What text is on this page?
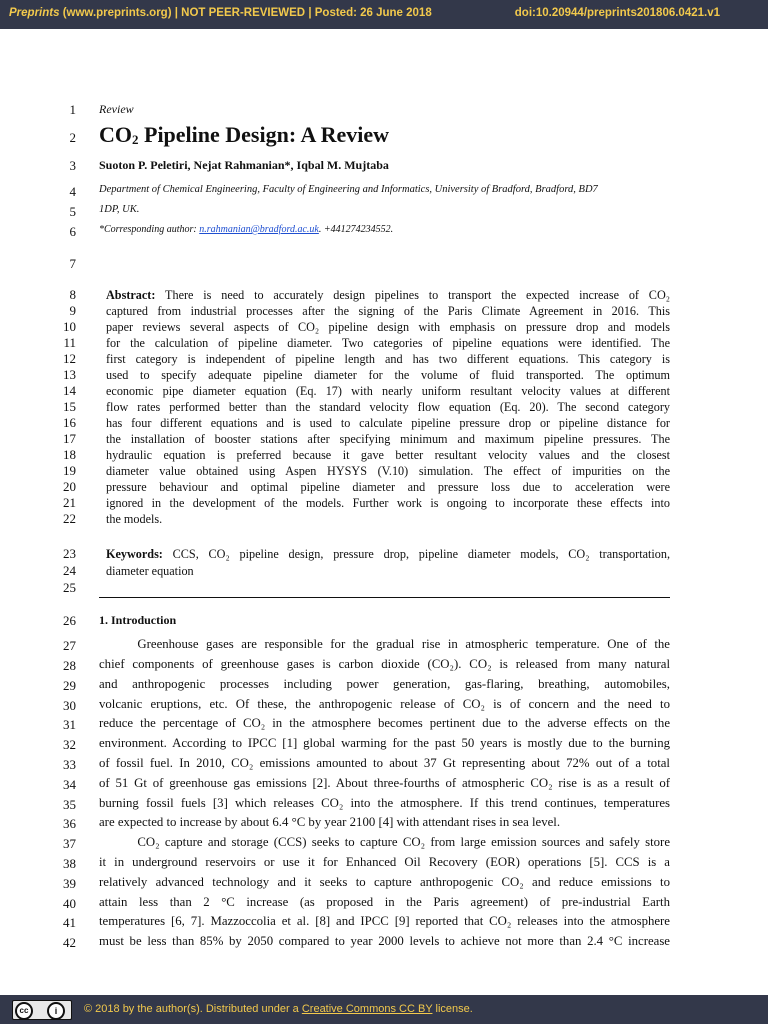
Preprints (www.preprints.org) | NOT PEER-REVIEWED | Posted: 26 June 2018	doi:10.20944/preprints201806.0421.v1
1
2
3
4
5
6
7
8
9
10
11
12
13
14
15
16
17
18
19
20
21
22
23
24
25
26
27
28
29
30
31
32
33
34
35
36
37
38
39
40
41
42
Review
CO2 Pipeline Design: A Review
Suoton P. Peletiri, Nejat Rahmanian*, Iqbal M. Mujtaba
Department of Chemical Engineering, Faculty of Engineering and Informatics, University of Bradford, Bradford, BD7
1DP, UK.
*Corresponding author: n.rahmanian@bradford.ac.uk. +441274234552.
Abstract: There is need to accurately design pipelines to transport the expected increase of CO₂
captured from industrial processes after the signing of the Paris Climate Agreement in 2016. This
paper reviews several aspects of CO₂ pipeline design with emphasis on pressure drop and models
for the calculation of pipeline diameter. Two categories of pipeline equations were identified. The
first category is independent of pipeline length and has two different equations. This category is
used to specify adequate pipeline diameter for the volume of fluid transported. The optimum
economic pipe diameter equation (Eq. 17) with nearly uniform resultant velocity values at different
flow rates performed better than the standard velocity flow equation (Eq. 20). The second category
has four different equations and is used to calculate pipeline pressure drop or pipeline distance for
the installation of booster stations after specifying minimum and maximum pipeline pressures. The
hydraulic equation is preferred because it gave better resultant velocity values and the closest
diameter value obtained using Aspen HYSYS (V.10) simulation. The effect of impurities on the
pressure behaviour and optimal pipeline diameter and pressure loss due to acceleration were
ignored in the development of the models. Further work is ongoing to incorporate these effects into
the models.
Keywords: CCS, CO₂ pipeline design, pressure drop, pipeline diameter models, CO₂ transportation,
diameter equation
1. Introduction
   Greenhouse gases are responsible for the gradual rise in atmospheric temperature. One of the
chief components of greenhouse gases is carbon dioxide (CO₂). CO₂ is released from many natural
and anthropogenic processes including power generation, gas-flaring, breathing, automobiles,
volcanic eruptions, etc. Of these, the anthropogenic release of CO₂ is of concern and the need to
reduce the percentage of CO₂ in the atmosphere becomes pertinent due to the adverse effects on the
environment. According to IPCC [1] global warming for the past 50 years is mostly due to the burning
of fossil fuel. In 2010, CO₂ emissions amounted to about 37 Gt representing about 72% out of a total
of 51 Gt of greenhouse gas emissions [2]. About three-fourths of atmospheric CO₂ rise is as a result of
burning fossil fuels [3] which releases CO₂ into the atmosphere. If this trend continues, temperatures
are expected to increase by about 6.4 °C by year 2100 [4] with attendant rises in sea level.
   CO₂ capture and storage (CCS) seeks to capture CO₂ from large emission sources and safely store
it in underground reservoirs or use it for Enhanced Oil Recovery (EOR) operations [5]. CCS is a
relatively advanced technology and it seeks to capture anthropogenic CO₂ and reduce emissions to
attain less than 2 °C increase (as proposed in the Paris agreement) of pre-industrial Earth
temperatures [6, 7]. Mazzoccolia et al. [8] and IPCC [9] reported that CO₂ releases into the atmosphere
must be less than 85% by 2050 compared to year 2000 levels to achieve not more than 2.4 °C increase
cc	i	© 2018 by the author(s). Distributed under a Creative Commons CC BY license.
